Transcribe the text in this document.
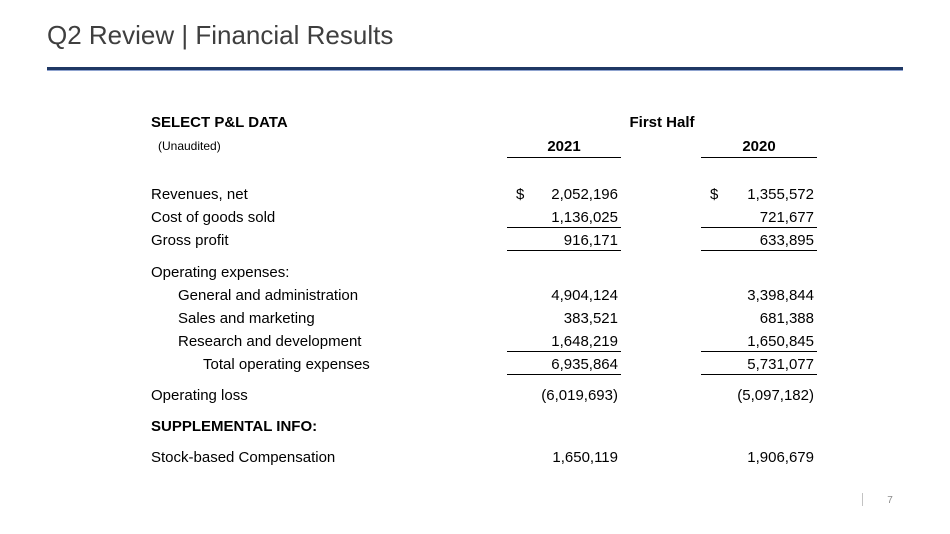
Q2 Review | Financial Results
SELECT P&L DATA
(Unaudited)
First Half
2021	2020
Revenues, net	$ 2,052,196	$ 1,355,572
Cost of goods sold	1,136,025	721,677
Gross profit	916,171	633,895
Operating expenses:
General and administration	4,904,124	3,398,844
Sales and marketing	383,521	681,388
Research and development	1,648,219	1,650,845
Total operating expenses	6,935,864	5,731,077
Operating loss	(6,019,693)	(5,097,182)
SUPPLEMENTAL INFO:
Stock-based Compensation	1,650,119	1,906,679
7
